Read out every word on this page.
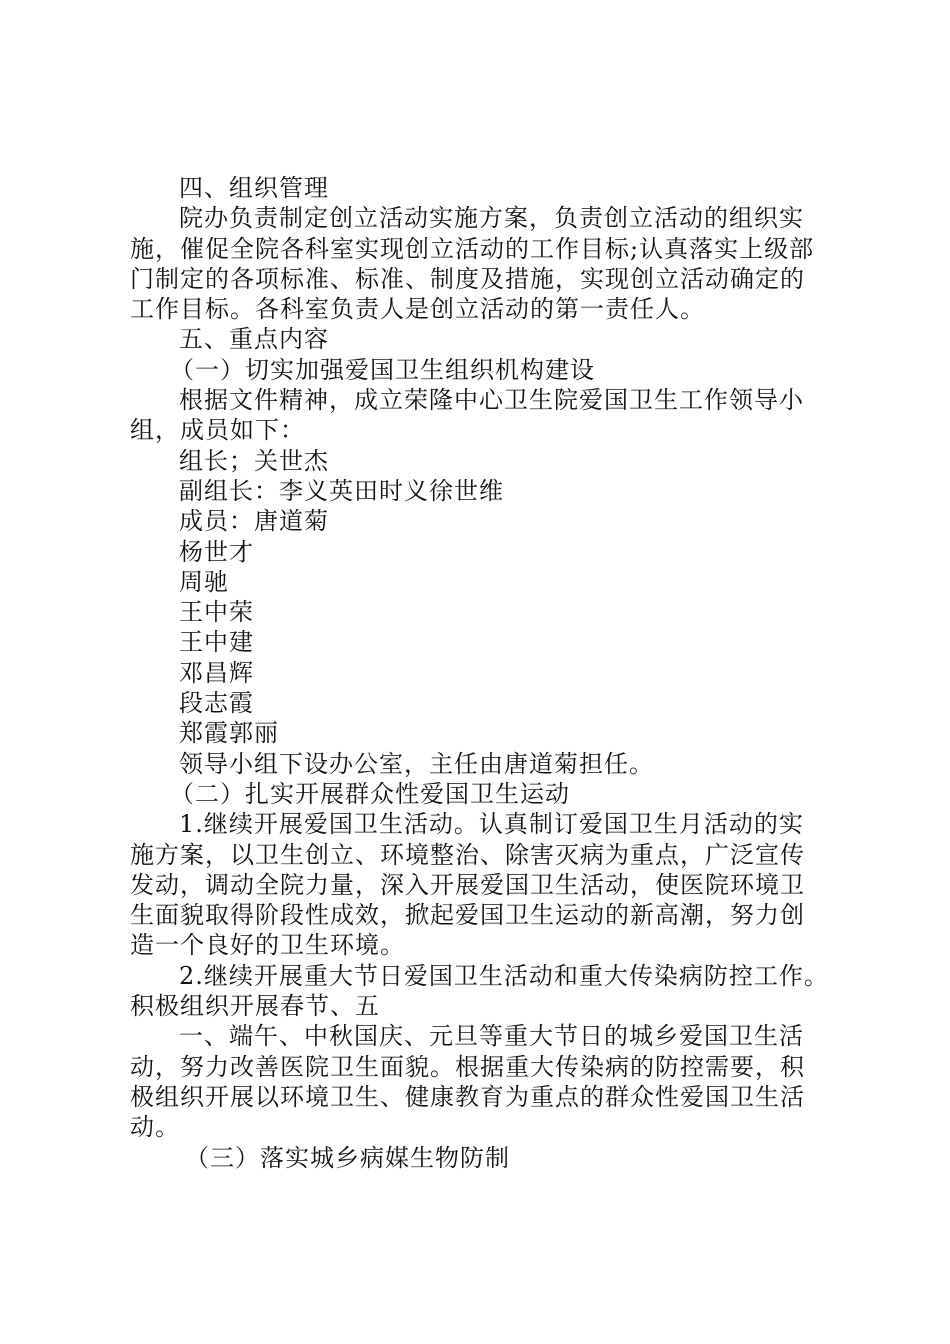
四、组织管理
院办负责制定创立活动实施方案，负责创立活动的组织实
施，催促全院各科室实现创立活动的工作目标;认真落实上级部
门制定的各项标准、标准、制度及措施，实现创立活动确定的
工作目标。各科室负责人是创立活动的第一责任人。
五、重点内容
（一）切实加强爱国卫生组织机构建设
根据文件精神，成立荣隆中心卫生院爱国卫生工作领导小
组，成员如下：
组长；关世杰
副组长：李义英田时义徐世维
成员：唐道菊
杨世才
周驰
王中荣
王中建
邓昌辉
段志霞
郑霞郭丽
领导小组下设办公室，主任由唐道菊担任。
（二）扎实开展群众性爱国卫生运动
1.继续开展爱国卫生活动。认真制订爱国卫生月活动的实
施方案，以卫生创立、环境整治、除害灭病为重点，广泛宣传
发动，调动全院力量，深入开展爱国卫生活动，使医院环境卫
生面貌取得阶段性成效，掀起爱国卫生运动的新高潮，努力创
造一个良好的卫生环境。
2.继续开展重大节日爱国卫生活动和重大传染病防控工作。
积极组织开展春节、五
一、端午、中秋国庆、元旦等重大节日的城乡爱国卫生活
动，努力改善医院卫生面貌。根据重大传染病的防控需要，积
极组织开展以环境卫生、健康教育为重点的群众性爱国卫生活
动。
（三）落实城乡病媒生物防制
